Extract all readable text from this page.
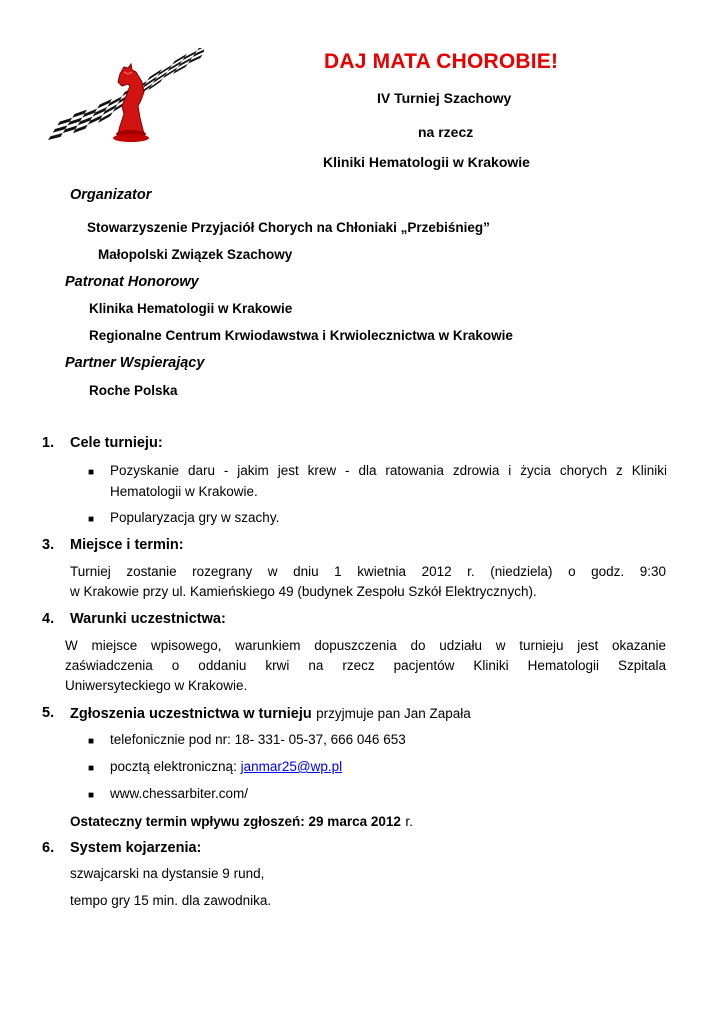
DAJ MATA CHOROBIE!
IV Turniej Szachowy
na rzecz
Kliniki Hematologii w Krakowie
Organizator
Stowarzyszenie Przyjaciół Chorych na Chłoniaki „Przebiśnieg”
Małopolski Związek Szachowy
Patronat Honorowy
Klinika Hematologii w Krakowie
Regionalne Centrum Krwiodawstwa i Krwiolecznictwa w Krakowie
Partner Wspierający
Roche Polska
1. Cele turnieju:
■ Pozyskanie daru - jakim jest krew - dla ratowania zdrowia i życia chorych z Kliniki
Hematologii w Krakowie.
■ Popularyzacja gry w szachy.
3. Miejsce i termin:
Turniej zostanie rozegrany w dniu 1 kwietnia 2012 r. (niedziela) o godz. 9:30
w Krakowie przy ul. Kamieńskiego 49 (budynek Zespołu Szkół Elektrycznych).
4. Warunki uczestnictwa:
W miejsce wpisowego, warunkiem dopuszczenia do udziału w turnieju jest okazanie
zaświadczenia o oddaniu krwi na rzecz pacjentów Kliniki Hematologii Szpitala
Uniwersyteckiego w Krakowie.
5. Zgłoszenia uczestnictwa w turnieju przyjmuje pan Jan Zapała
■ telefonicznie pod nr: 18- 331- 05-37, 666 046 653
■ pocztą elektroniczną: janmar25@wp.pl
■ www.chessarbiter.com/
Ostateczny termin wpływu zgłoszeń: 29 marca 2012 r.
6. System kojarzenia:
szwajcarski na dystansie 9 rund,
tempo gry 15 min. dla zawodnika.
